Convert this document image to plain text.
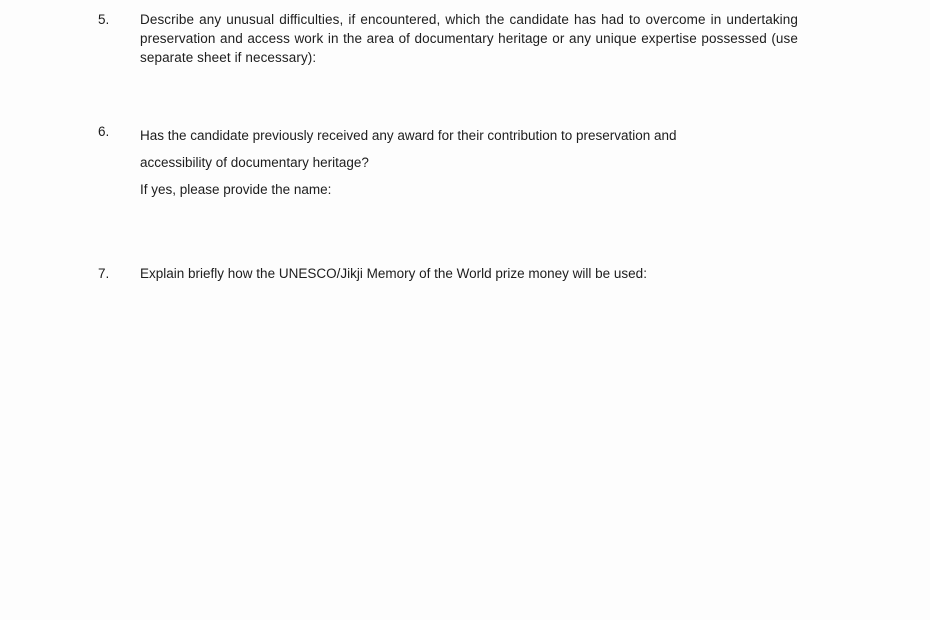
5.	Describe any unusual difficulties, if encountered, which the candidate has had to overcome in undertaking preservation and access work in the area of documentary heritage or any unique expertise possessed (use separate sheet if necessary):
6.	Has the candidate previously received any award for their contribution to preservation and
accessibility of documentary heritage?
If yes, please provide the name:
7.	Explain briefly how the UNESCO/Jikji Memory of the World prize money will be used:
